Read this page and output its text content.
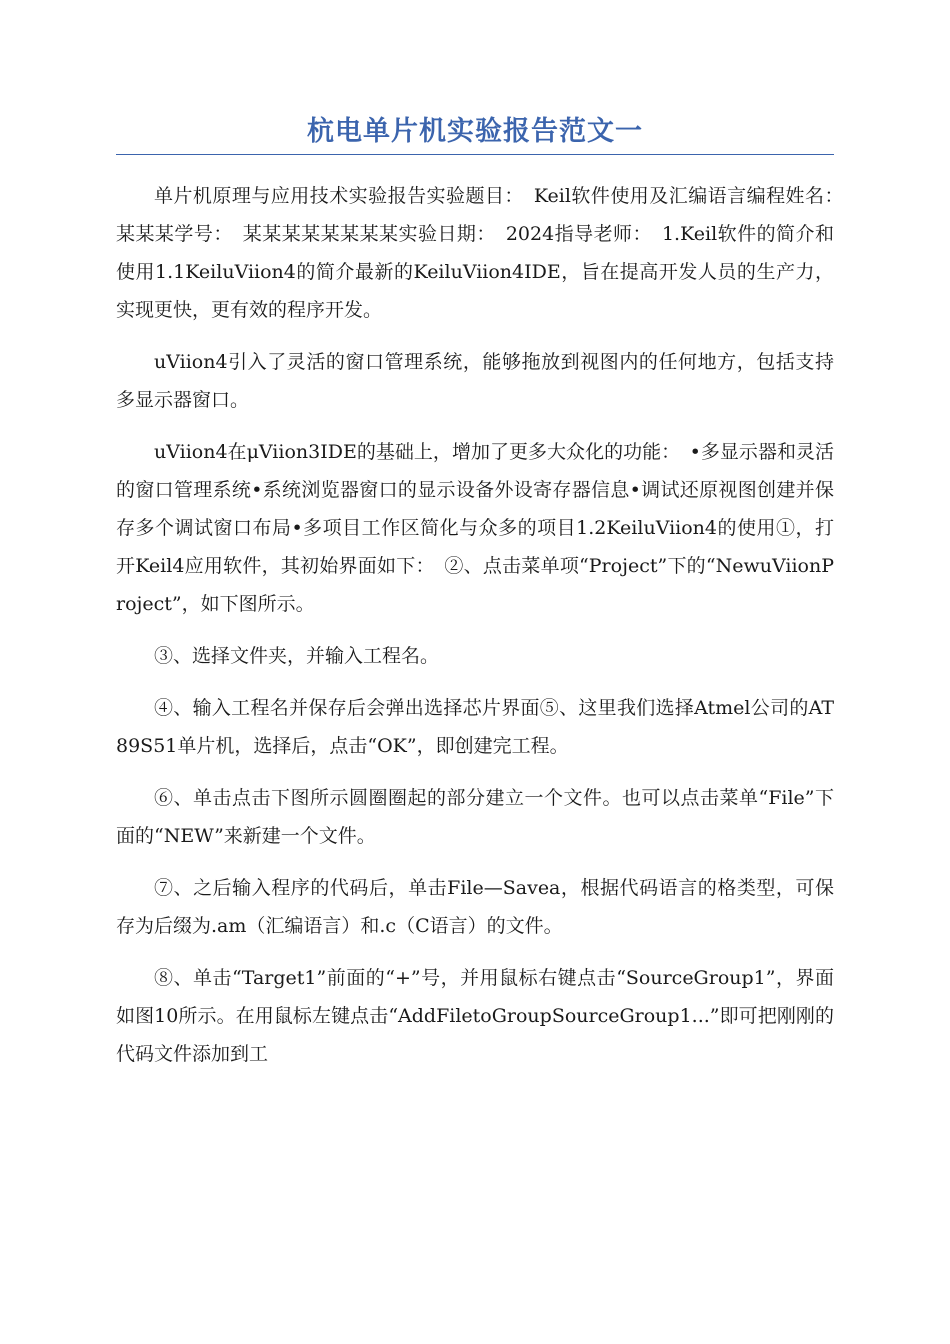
杭电单片机实验报告范文一

单片机原理与应用技术实验报告实验题目：　Keil软件使用及汇编语言编程姓名：　某某某学号：　某某某某某某某某实验日期：　2024指导老师：　1.Keil软件的简介和使用1.1KeiluViion4的简介最新的KeiluViion4IDE，旨在提高开发人员的生产力，实现更快，更有效的程序开发。

uViion4引入了灵活的窗口管理系统，能够拖放到视图内的任何地方，包括支持多显示器窗口。

uViion4在μViion3IDE的基础上，增加了更多大众化的功能：　•多显示器和灵活的窗口管理系统•系统浏览器窗口的显示设备外设寄存器信息•调试还原视图创建并保存多个调试窗口布局•多项目工作区简化与众多的项目1.2KeiluViion4的使用①，打开Keil4应用软件，其初始界面如下：　②、点击菜单项“Project”下的“NewuViionProject”，如下图所示。

③、选择文件夹，并输入工程名。

④、输入工程名并保存后会弹出选择芯片界面⑤、这里我们选择Atmel公司的AT89S51单片机，选择后，点击“OK”，即创建完工程。

⑥、单击点击下图所示圆圈圈起的部分建立一个文件。也可以点击菜单“File”下面的“NEW”来新建一个文件。

⑦、之后输入程序的代码后，单击File—Savea，根据代码语言的格类型，可保存为后缀为.am（汇编语言）和.c（C语言）的文件。

⑧、单击“Target1”前面的“+”号，并用鼠标右键点击“SourceGroup1”，界面如图10所示。在用鼠标左键点击“AddFiletoGroupSourceGroup1...”即可把刚刚的代码文件添加到工
